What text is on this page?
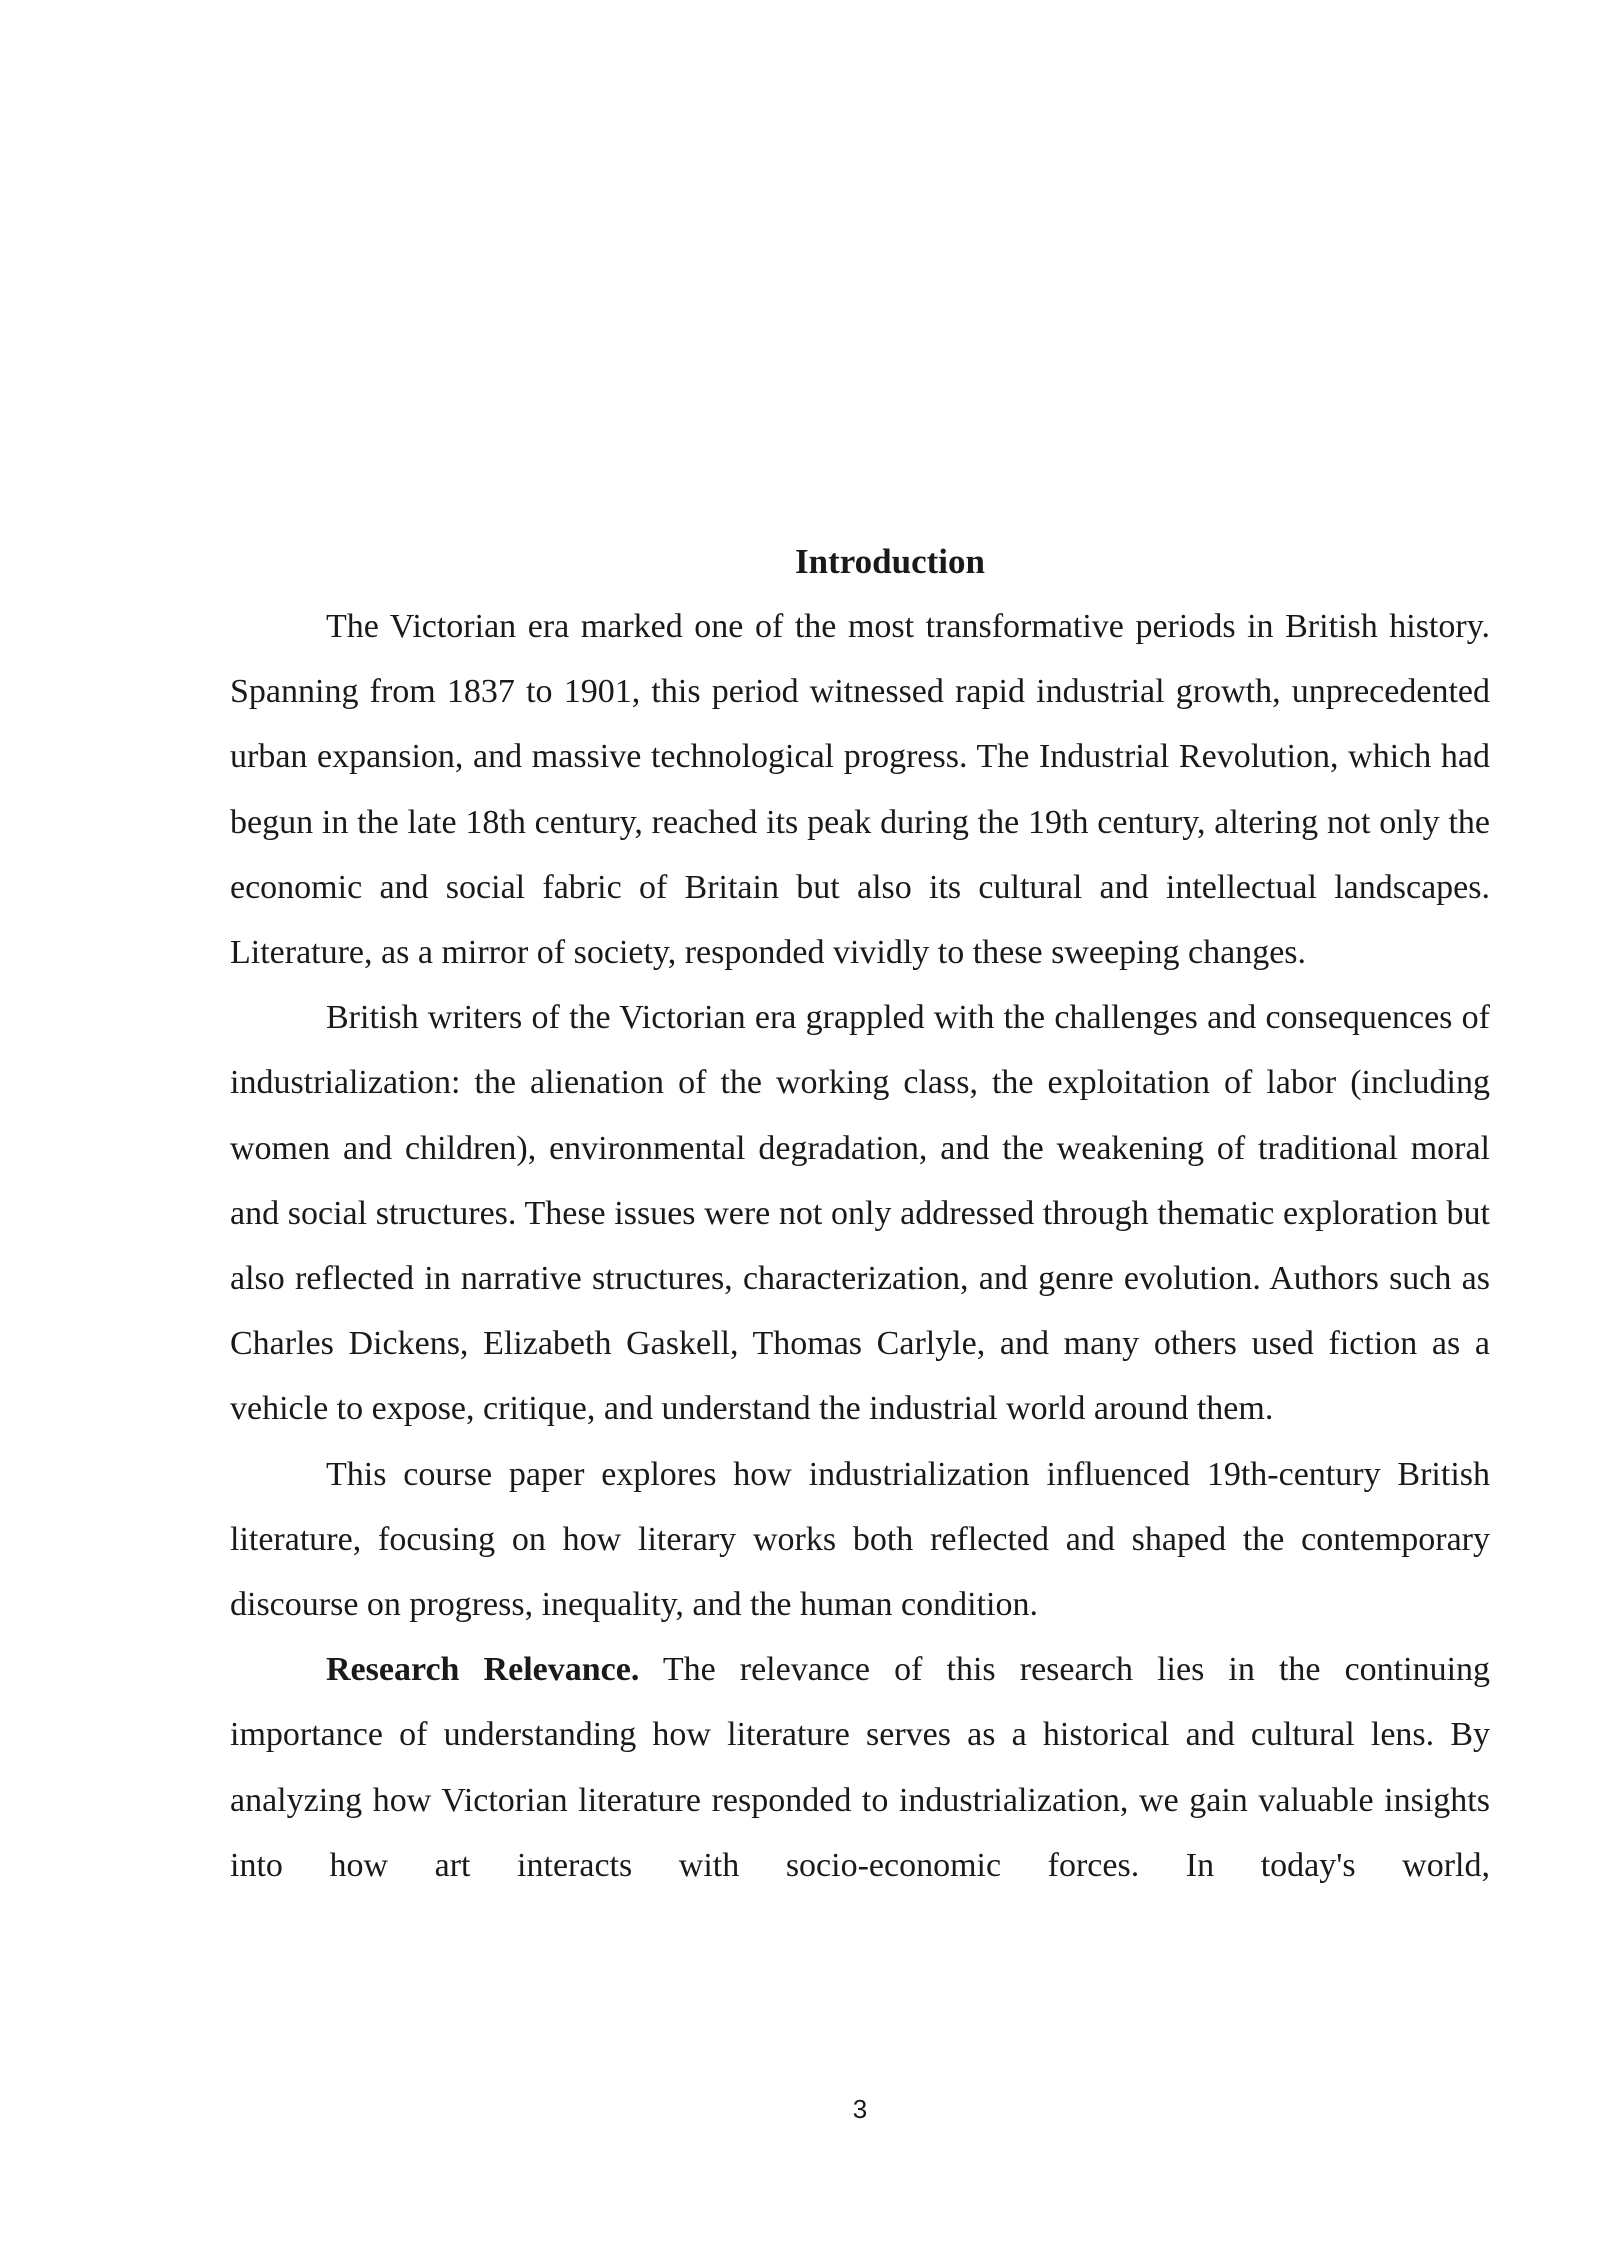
Introduction

The Victorian era marked one of the most transformative periods in British history. Spanning from 1837 to 1901, this period witnessed rapid industrial growth, unprecedented urban expansion, and massive technological progress. The Industrial Revolution, which had begun in the late 18th century, reached its peak during the 19th century, altering not only the economic and social fabric of Britain but also its cultural and intellectual landscapes. Literature, as a mirror of society, responded vividly to these sweeping changes.

British writers of the Victorian era grappled with the challenges and consequences of industrialization: the alienation of the working class, the exploitation of labor (including women and children), environmental degradation, and the weakening of traditional moral and social structures. These issues were not only addressed through thematic exploration but also reflected in narrative structures, characterization, and genre evolution. Authors such as Charles Dickens, Elizabeth Gaskell, Thomas Carlyle, and many others used fiction as a vehicle to expose, critique, and understand the industrial world around them.

This course paper explores how industrialization influenced 19th-century British literature, focusing on how literary works both reflected and shaped the contemporary discourse on progress, inequality, and the human condition.

Research Relevance. The relevance of this research lies in the continuing importance of understanding how literature serves as a historical and cultural lens. By analyzing how Victorian literature responded to industrialization, we gain valuable insights into how art interacts with socio-economic forces. In today's world,

3
